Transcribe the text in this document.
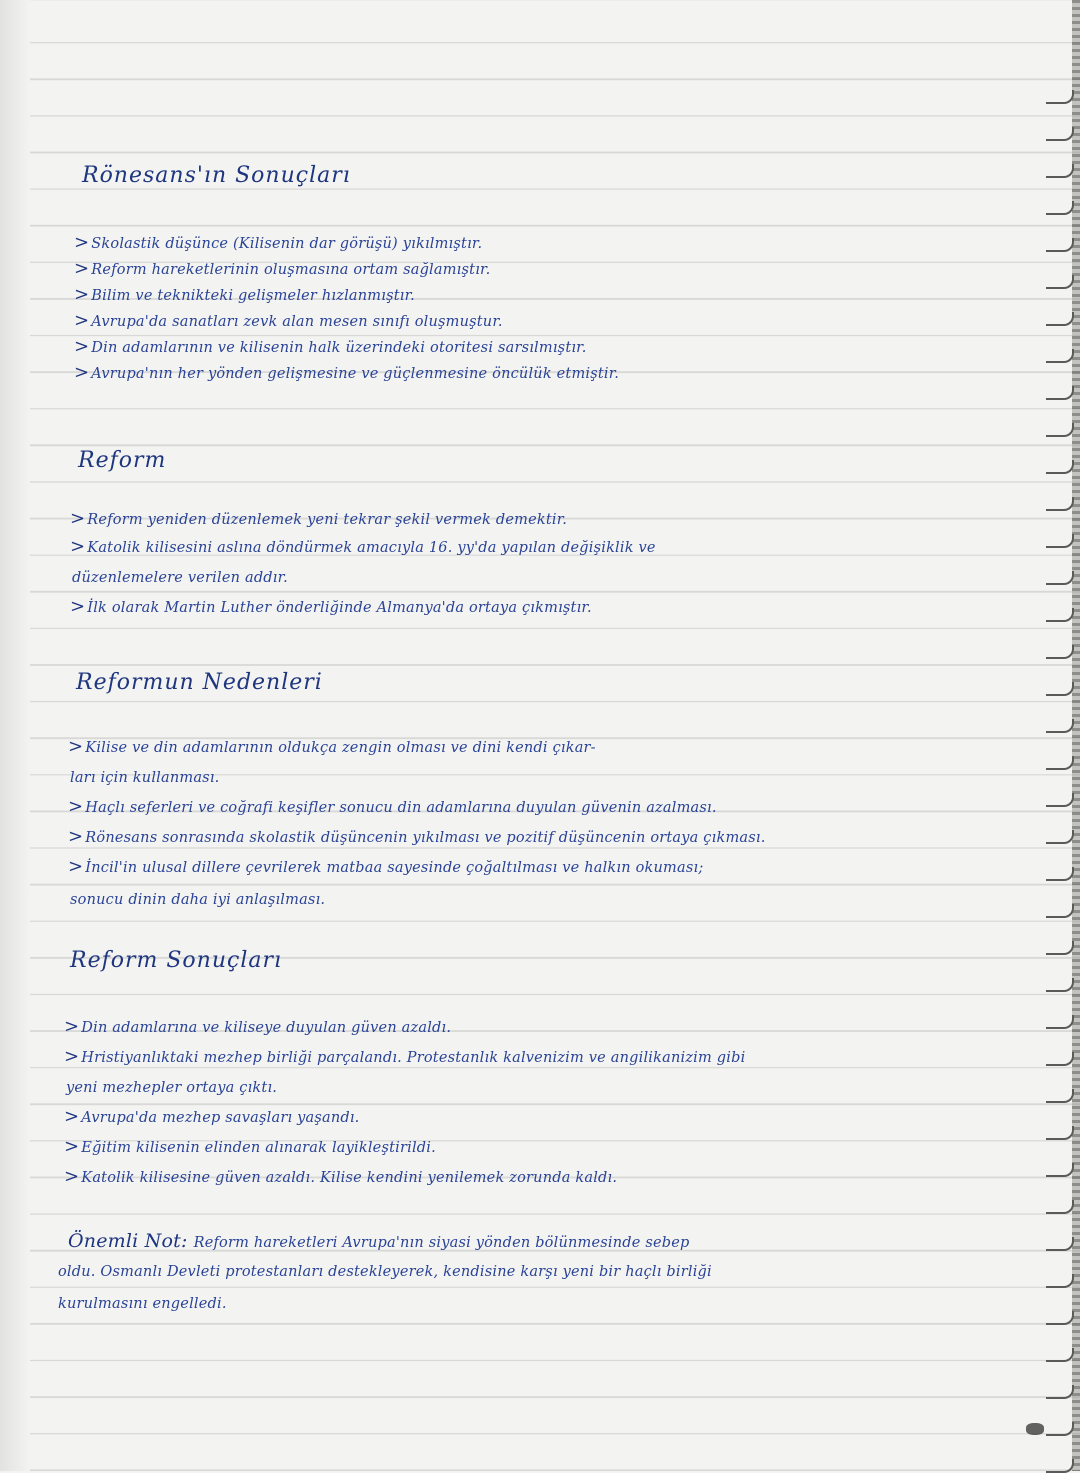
Rönesans'ın Sonuçları
> Skolastik düşünce (Kilisenin dar görüşü) yıkılmıştır.
> Reform hareketlerinin oluşmasına ortam sağlamıştır.
> Bilim ve teknikteki gelişmeler hızlanmıştır.
> Avrupa'da sanatları zevk alan mesen sınıfı oluşmuştur.
> Din adamlarının ve kilisenin halk üzerindeki otoritesi sarsılmıştır.
> Avrupa'nın her yönden gelişmesine ve güçlenmesine öncülük etmiştir.
Reform
> Reform yeniden düzenlemek yeni tekrar şekil vermek demektir.
> Katolik kilisesini aslına döndürmek amacıyla 16. yy'da yapılan değişiklik ve
düzenlemelere verilen addır.
> İlk olarak Martin Luther önderliğinde Almanya'da ortaya çıkmıştır.
Reformun Nedenleri
> Kilise ve din adamlarının oldukça zengin olması ve dini kendi çıkar-
ları için kullanması.
> Haçlı seferleri ve coğrafi keşifler sonucu din adamlarına duyulan güvenin azalması.
> Rönesans sonrasında skolastik düşüncenin yıkılması ve pozitif düşüncenin ortaya çıkması.
> İncil'in ulusal dillere çevrilerek matbaa sayesinde çoğaltılması ve halkın okuması;
sonucu dinin daha iyi anlaşılması.
Reform Sonuçları
> Din adamlarına ve kiliseye duyulan güven azaldı.
> Hristiyanlıktaki mezhep birliği parçalandı. Protestanlık kalvenizim ve angilikanizim gibi
yeni mezhepler ortaya çıktı.
> Avrupa'da mezhep savaşları yaşandı.
> Eğitim kilisenin elinden alınarak layikleştirildi.
> Katolik kilisesine güven azaldı. Kilise kendini yenilemek zorunda kaldı.
Önemli Not: Reform hareketleri Avrupa'nın siyasi yönden bölünmesinde sebep
oldu. Osmanlı Devleti protestanları destekleyerek, kendisine karşı yeni bir haçlı birliği
kurulmasını engelledi.
